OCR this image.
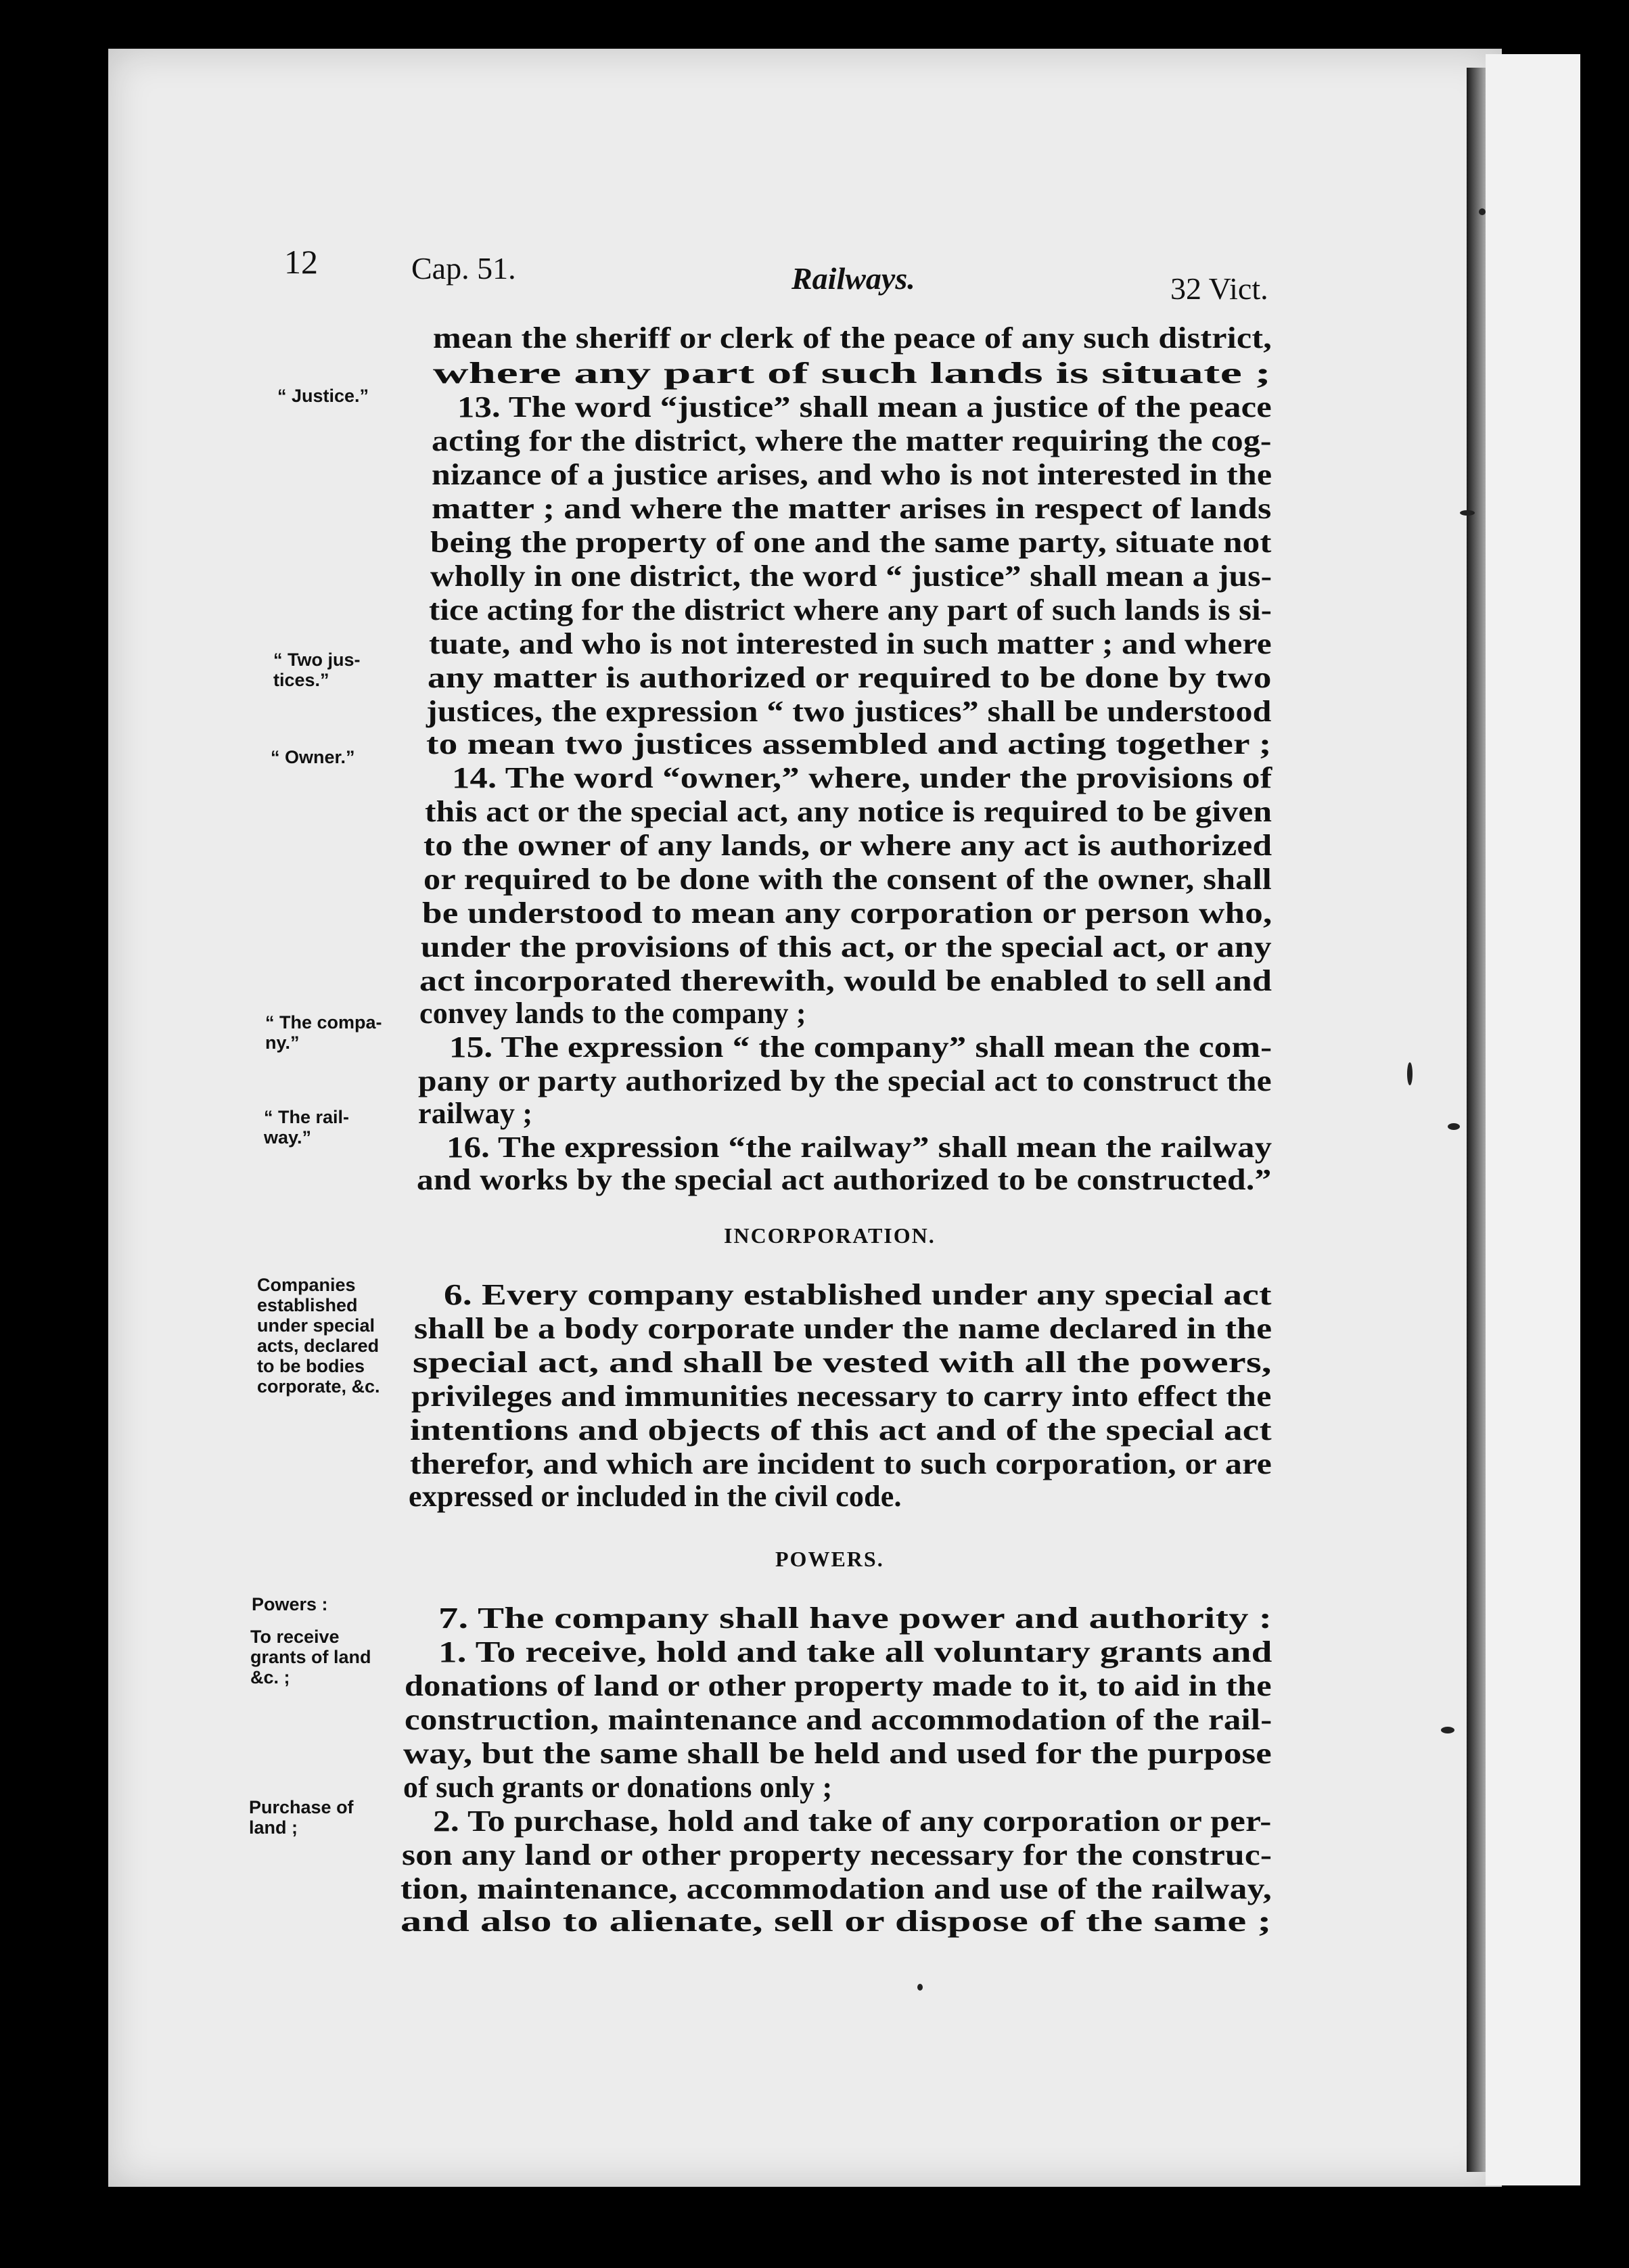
12	Cap. 51.	Railways.	32 Vict.
mean the sheriff or clerk of the peace of any such district,
where any part of such lands is situate ;
13. The word “justice” shall mean a justice of the peace
acting for the district, where the matter requiring the cog-
nizance of a justice arises, and who is not interested in the
matter ; and where the matter arises in respect of lands
being the property of one and the same party, situate not
wholly in one district, the word “ justice” shall mean a jus-
tice acting for the district where any part of such lands is si-
tuate, and who is not interested in such matter ; and where
any matter is authorized or required to be done by two
justices, the expression “ two justices” shall be understood
to mean two justices assembled and acting together ;
14. The word “owner,” where, under the provisions of
this act or the special act, any notice is required to be given
to the owner of any lands, or where any act is authorized
or required to be done with the consent of the owner, shall
be understood to mean any corporation or person who,
under the provisions of this act, or the special act, or any
act incorporated therewith, would be enabled to sell and
convey lands to the company ;
15. The expression “ the company” shall mean the com-
pany or party authorized by the special act to construct the
railway ;
16. The expression “the railway” shall mean the railway
and works by the special act authorized to be constructed.”
INCORPORATION.
6. Every company established under any special act
shall be a body corporate under the name declared in the
special act, and shall be vested with all the powers,
privileges and immunities necessary to carry into effect the
intentions and objects of this act and of the special act
therefor, and which are incident to such corporation, or are
expressed or included in the civil code.
POWERS.
7. The company shall have power and authority :
1. To receive, hold and take all voluntary grants and
donations of land or other property made to it, to aid in the
construction, maintenance and accommodation of the rail-
way, but the same shall be held and used for the purpose
of such grants or donations only ;
2. To purchase, hold and take of any corporation or per-
son any land or other property necessary for the construc-
tion, maintenance, accommodation and use of the railway,
and also to alienate, sell or dispose of the same ;
“ Justice.”
“ Two jus-
tices.”
“ Owner.”
“ The compa-
ny.”
“ The rail-
way.”
Companies
established
under special
acts, declared
to be bodies
corporate, &c.
Powers :
To receive
grants of land
&c. ;
Purchase of
land ;
